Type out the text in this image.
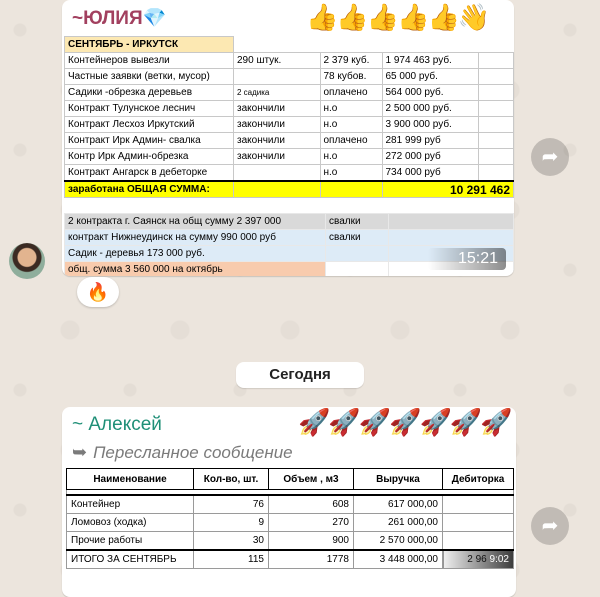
~ЮЛИЯ💎	👍👍👍👍👍👋
СЕНТЯБРЬ - ИРКУТСК				
Контейнеров вывезли	290 штук.	2 379 куб.	1 974 463 руб.	
Частные заявки (ветки, мусор)		78 кубов.	65 000 руб.	
Садики -обрезка деревьев	2 садика	оплачено	564 000 руб.	
Контракт Тулунское леснич	закончили	н.о	2 500 000 руб.	
Контракт Лесхоз Иркутский	закончили	н.о	3 900 000 руб.	
Контракт Ирк Админ- свалка	закончили	оплачено	281 999 руб	
Контр Ирк Админ-обрезка	закончили	н.о	272 000 руб	
Контракт Ангарск в дебеторке		н.о	734 000 руб	
заработана ОБЩАЯ СУММА:			10 291 462	
2 контракта г. Саянск на общ сумму 2 397 000	свалки	
контракт Нижнеудинск на сумму 990 000 руб	свалки	
Садик - деревья 173 000 руб.		
общ. сумма 3 560 000 на октябрь		
15:21
🔥
➦
Сегодня
~ Алексей	🚀🚀🚀🚀🚀🚀🚀
➥ Пересланное сообщение
Наименование	Кол-во, шт.	Объем , м3	Выручка	Дебиторка

Контейнер	76	608	617 000,00	
Ломовоз (ходка)	9	270	261 000,00	
Прочие работы	30	900	2 570 000,00	
ИТОГО ЗА СЕНТЯБРЬ	115	1778	3 448 000,00	2 96 9:02
➦
